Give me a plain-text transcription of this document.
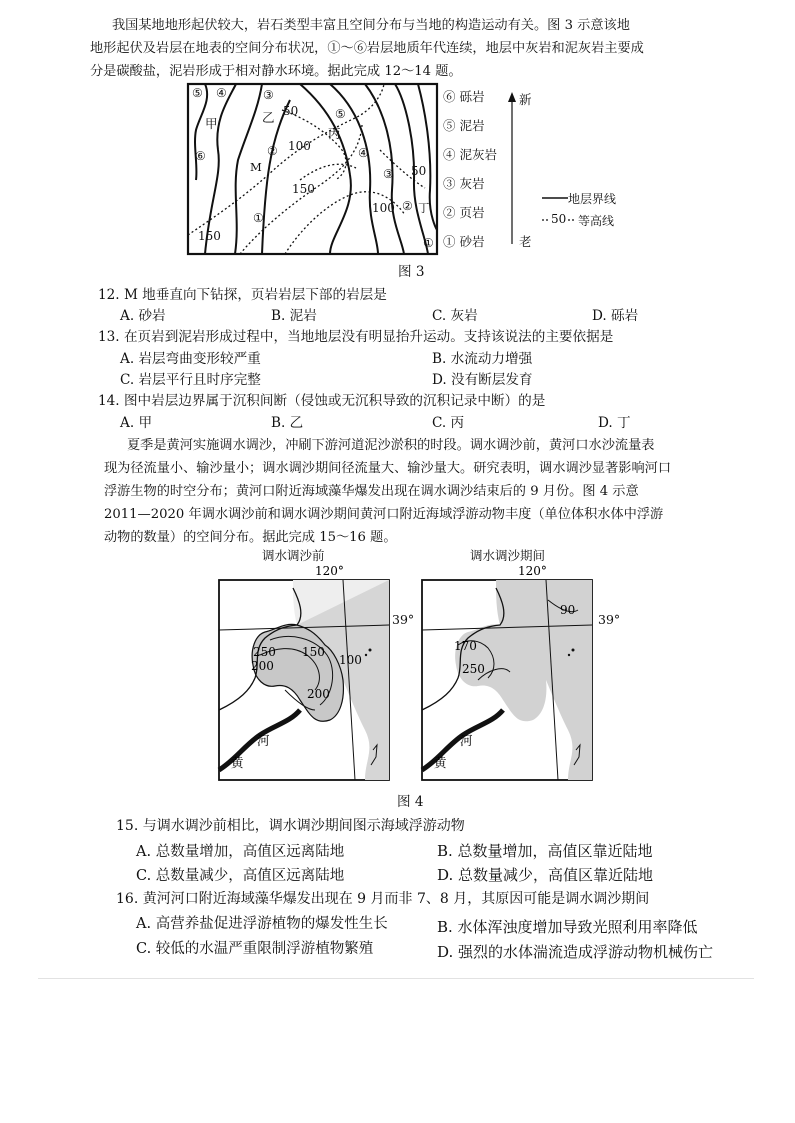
我国某地地形起伏较大，岩石类型丰富且空间分布与当地的构造运动有关。图 3 示意该地
地形起伏及岩层在地表的空间分布状况，①～⑥岩层地质年代连续，地层中灰岩和泥灰岩主要成
分是碳酸盐，泥岩形成于相对静水环境。据此完成 12～14 题。
⑤ ④	③
50
甲	乙	⑤
丙
② 100
⑥
M
④
③ 50
150
100 ② 丁
①
150	①
⑥ 砾岩
⑤ 泥岩
④ 泥灰岩
③ 灰岩
② 页岩
① 砂岩
新
老
地层界线
50 等高线
图 3
12. M 地垂直向下钻探，页岩岩层下部的岩层是
A. 砂岩	B. 泥岩	C. 灰岩	D. 砾岩
13. 在页岩到泥岩形成过程中，当地地层没有明显抬升运动。支持该说法的主要依据是
A. 岩层弯曲变形较严重	B. 水流动力增强
C. 岩层平行且时序完整	D. 没有断层发育
14. 图中岩层边界属于沉积间断（侵蚀或无沉积导致的沉积记录中断）的是
A. 甲	B. 乙	C. 丙	D. 丁
夏季是黄河实施调水调沙，冲刷下游河道泥沙淤积的时段。调水调沙前，黄河口水沙流量表
现为径流量小、输沙量小；调水调沙期间径流量大、输沙量大。研究表明，调水调沙显著影响河口
浮游生物的时空分布；黄河口附近海域藻华爆发出现在调水调沙结束后的 9 月份。图 4 示意
2011—2020 年调水调沙前和调水调沙期间黄河口附近海域浮游动物丰度（单位体积水体中浮游
动物的数量）的空间分布。据此完成 15～16 题。
调水调沙前	调水调沙期间
120°
250
200
150
100
200
河
黄
39°
120°
90
170
250
河
黄
39°
图 4
15. 与调水调沙前相比，调水调沙期间图示海域浮游动物
A. 总数量增加，高值区远离陆地	B. 总数量增加，高值区靠近陆地
C. 总数量减少，高值区远离陆地	D. 总数量减少，高值区靠近陆地
16. 黄河河口附近海域藻华爆发出现在 9 月而非 7、8 月，其原因可能是调水调沙期间
A. 高营养盐促进浮游植物的爆发性生长	B. 水体浑浊度增加导致光照利用率降低
C. 较低的水温严重限制浮游植物繁殖	D. 强烈的水体湍流造成浮游动物机械伤亡
